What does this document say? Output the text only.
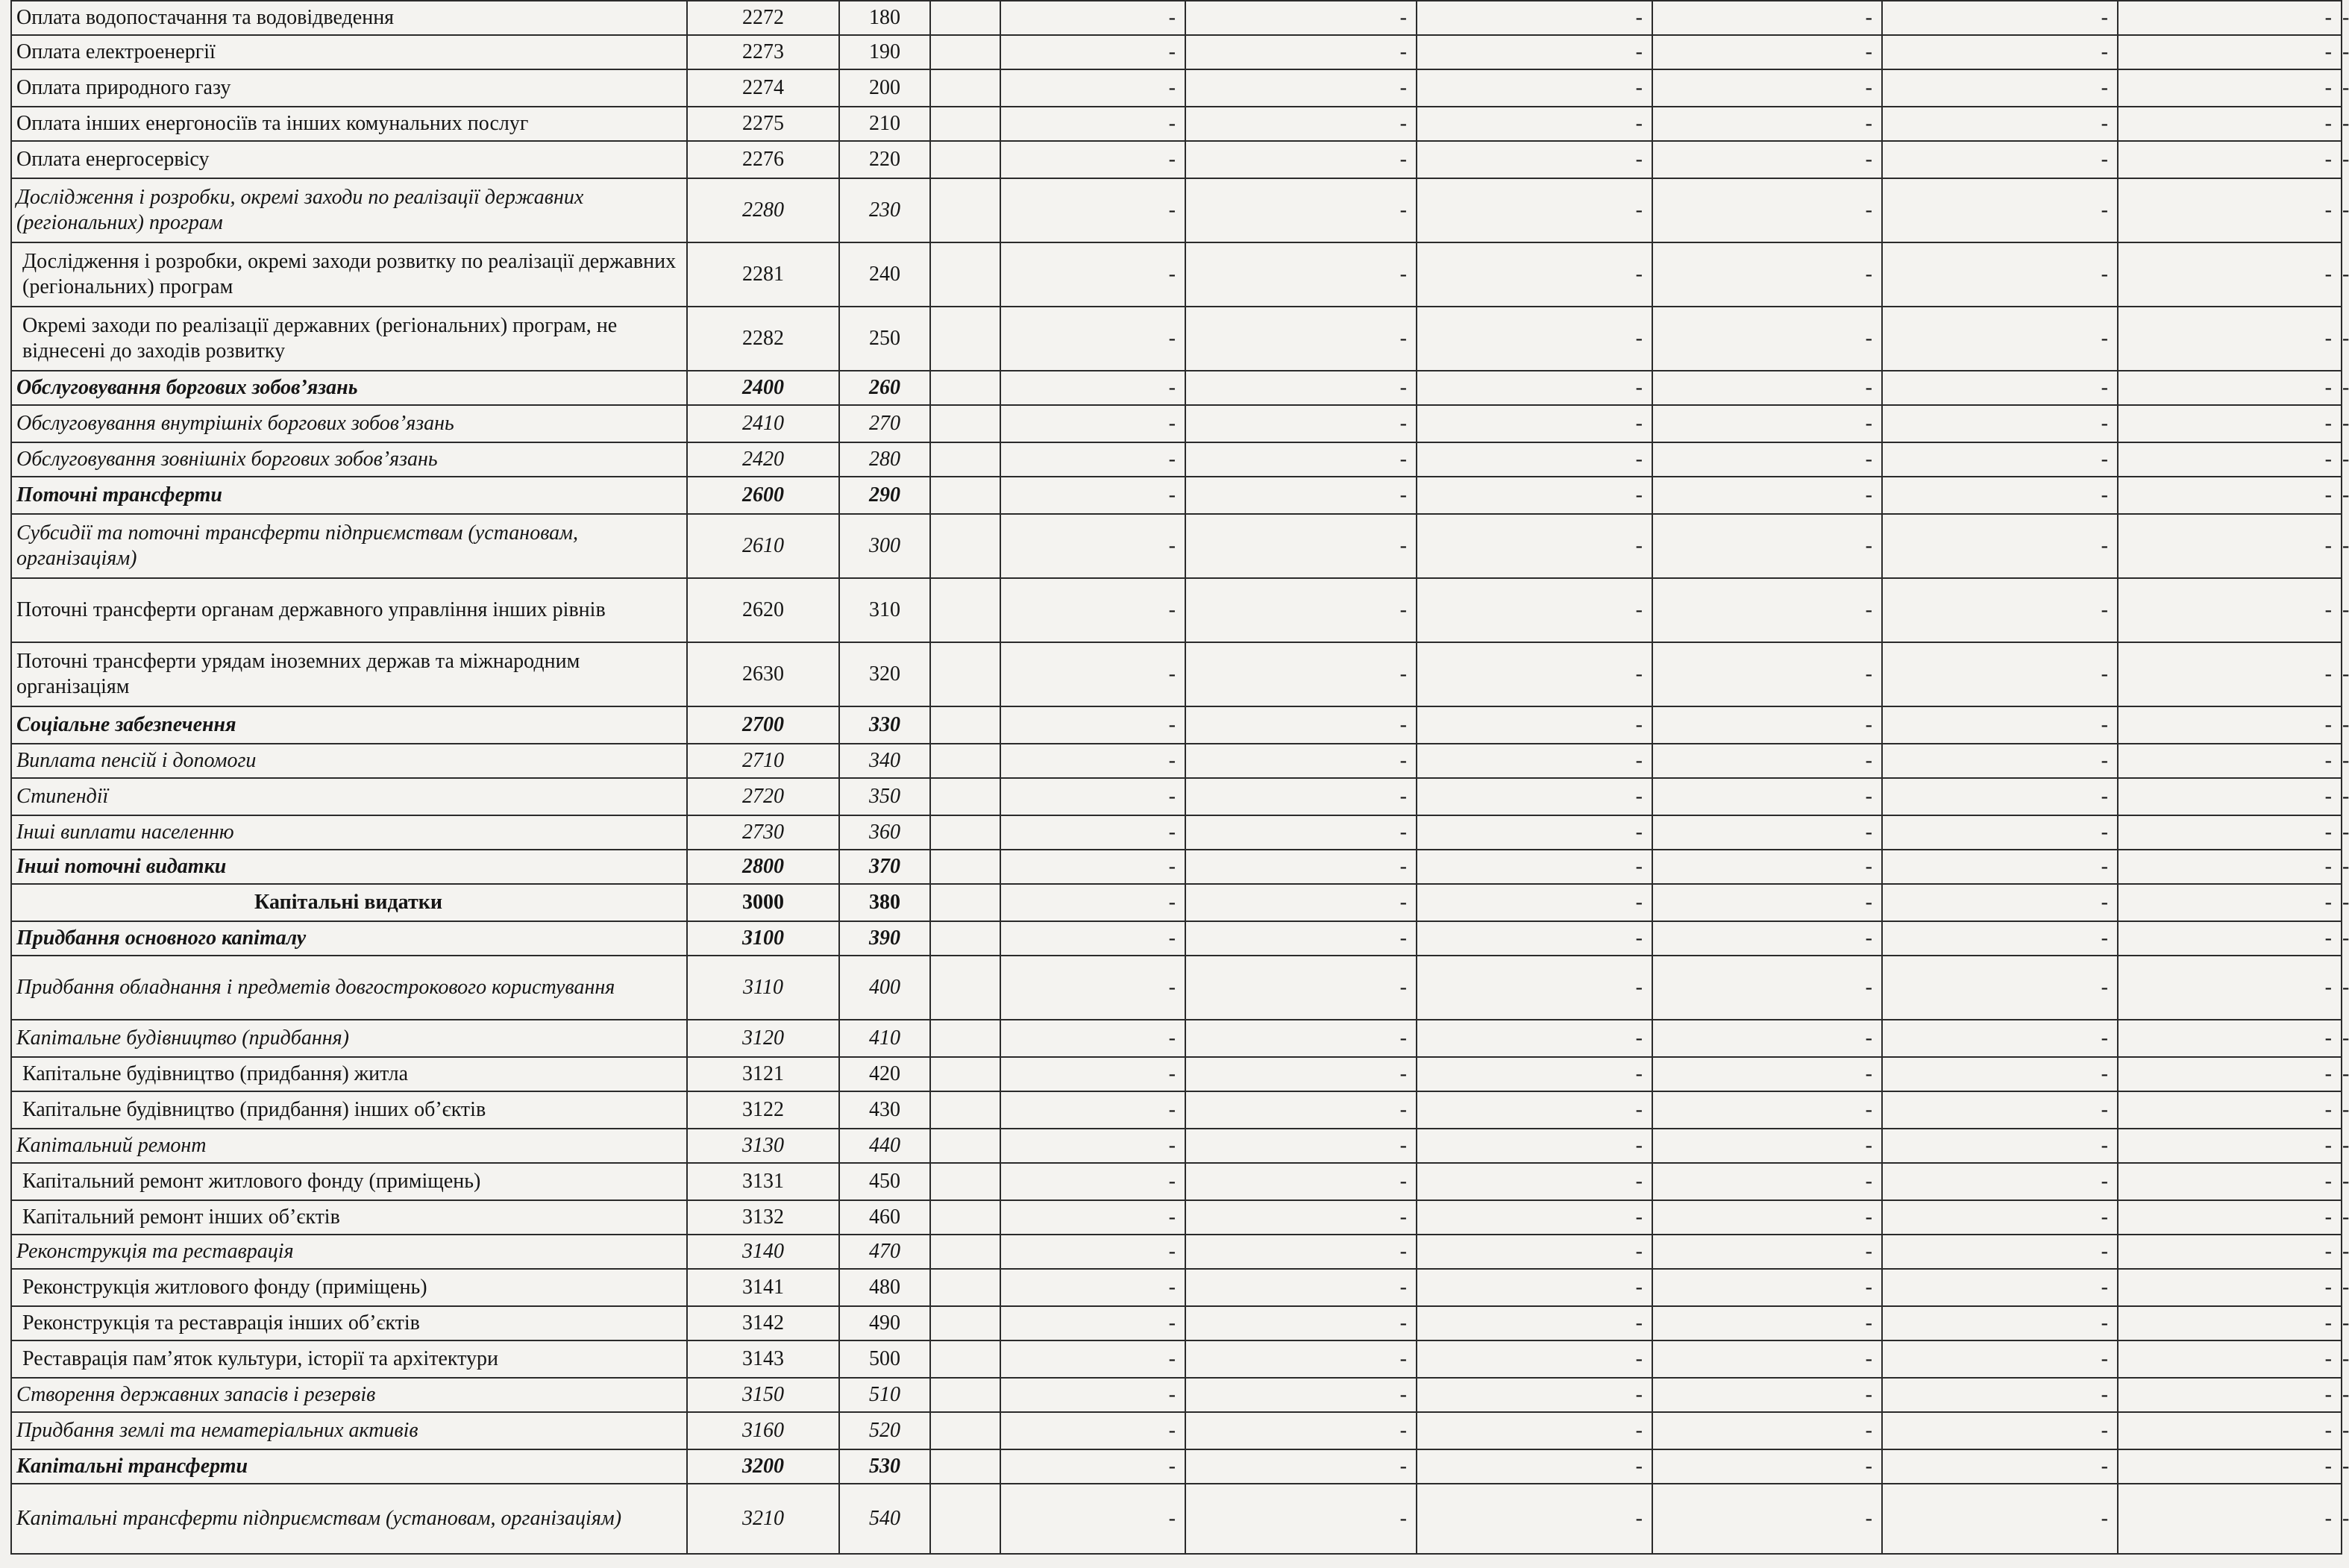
Оплата водопостачання та водовідведення	2272	180		-	-	-	-	-	-	-
Оплата електроенергії	2273	190		-	-	-	-	-	-	-
Оплата природного газу	2274	200		-	-	-	-	-	-	-
Оплата інших енергоносіїв та інших комунальних послуг	2275	210		-	-	-	-	-	-	-
Оплата енергосервісу	2276	220		-	-	-	-	-	-	-
Дослідження і розробки, окремі заходи по реалізації державних (регіональних) програм	2280	230		-	-	-	-	-	-	-
Дослідження і розробки, окремі заходи розвитку по реалізації державних (регіональних) програм	2281	240		-	-	-	-	-	-	-
Окремі заходи по реалізації державних (регіональних) програм, не віднесені до заходів розвитку	2282	250		-	-	-	-	-	-	-
Обслуговування боргових зобов’язань	2400	260		-	-	-	-	-	-	-
Обслуговування внутрішніх боргових зобов’язань	2410	270		-	-	-	-	-	-	-
Обслуговування зовнішніх боргових зобов’язань	2420	280		-	-	-	-	-	-	-
Поточні трансферти	2600	290		-	-	-	-	-	-	-
Субсидії та поточні трансферти підприємствам (установам, організаціям)	2610	300		-	-	-	-	-	-	-
Поточні трансферти органам державного управління інших рівнів	2620	310		-	-	-	-	-	-	-
Поточні трансферти урядам іноземних держав та міжнародним організаціям	2630	320		-	-	-	-	-	-	-
Соціальне забезпечення	2700	330		-	-	-	-	-	-	-
Виплата пенсій і допомоги	2710	340		-	-	-	-	-	-	-
Стипендії	2720	350		-	-	-	-	-	-	-
Інші виплати населенню	2730	360		-	-	-	-	-	-	-
Інші поточні видатки	2800	370		-	-	-	-	-	-	-
Капітальні видатки	3000	380		-	-	-	-	-	-	-
Придбання основного капіталу	3100	390		-	-	-	-	-	-	-
Придбання обладнання і предметів довгострокового користування	3110	400		-	-	-	-	-	-	-
Капітальне будівництво (придбання)	3120	410		-	-	-	-	-	-	-
Капітальне будівництво (придбання) житла	3121	420		-	-	-	-	-	-	-
Капітальне будівництво (придбання) інших об’єктів	3122	430		-	-	-	-	-	-	-
Капітальний ремонт	3130	440		-	-	-	-	-	-	-
Капітальний ремонт житлового фонду (приміщень)	3131	450		-	-	-	-	-	-	-
Капітальний ремонт інших об’єктів	3132	460		-	-	-	-	-	-	-
Реконструкція та реставрація	3140	470		-	-	-	-	-	-	-
Реконструкція житлового фонду (приміщень)	3141	480		-	-	-	-	-	-	-
Реконструкція та реставрація інших об’єктів	3142	490		-	-	-	-	-	-	-
Реставрація пам’яток культури, історії та архітектури	3143	500		-	-	-	-	-	-	-
Створення державних запасів і резервів	3150	510		-	-	-	-	-	-	-
Придбання землі та нематеріальних активів	3160	520		-	-	-	-	-	-	-
Капітальні трансферти	3200	530		-	-	-	-	-	-	-
Капітальні трансферти підприємствам (установам, організаціям)	3210	540		-	-	-	-	-	-	-
